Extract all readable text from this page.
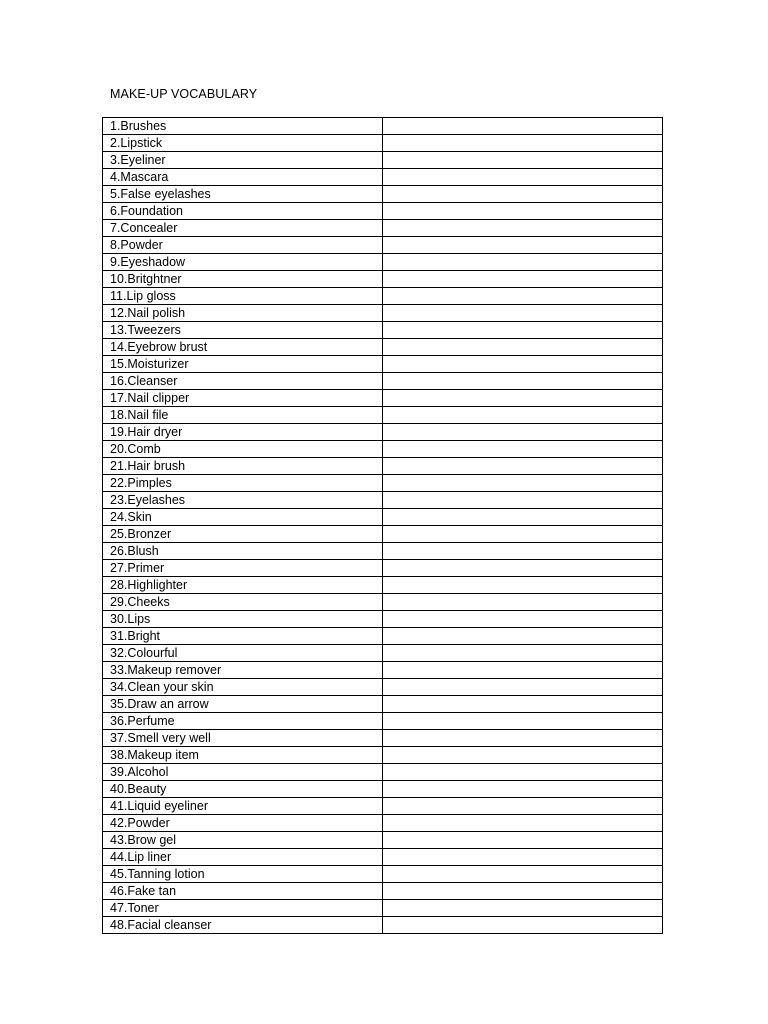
MAKE-UP VOCABULARY
1.Brushes	
2.Lipstick	
3.Eyeliner	
4.Mascara	
5.False eyelashes	
6.Foundation	
7.Concealer	
8.Powder	
9.Eyeshadow	
10.Britghtner	
11.Lip gloss	
12.Nail polish	
13.Tweezers	
14.Eyebrow brust	
15.Moisturizer	
16.Cleanser	
17.Nail clipper	
18.Nail file	
19.Hair dryer	
20.Comb	
21.Hair brush	
22.Pimples	
23.Eyelashes	
24.Skin	
25.Bronzer	
26.Blush	
27.Primer	
28.Highlighter	
29.Cheeks	
30.Lips	
31.Bright	
32.Colourful	
33.Makeup remover	
34.Clean your skin	
35.Draw an arrow	
36.Perfume	
37.Smell very well	
38.Makeup item	
39.Alcohol	
40.Beauty	
41.Liquid eyeliner	
42.Powder	
43.Brow gel	
44.Lip liner	
45.Tanning lotion	
46.Fake tan	
47.Toner	
48.Facial cleanser	
